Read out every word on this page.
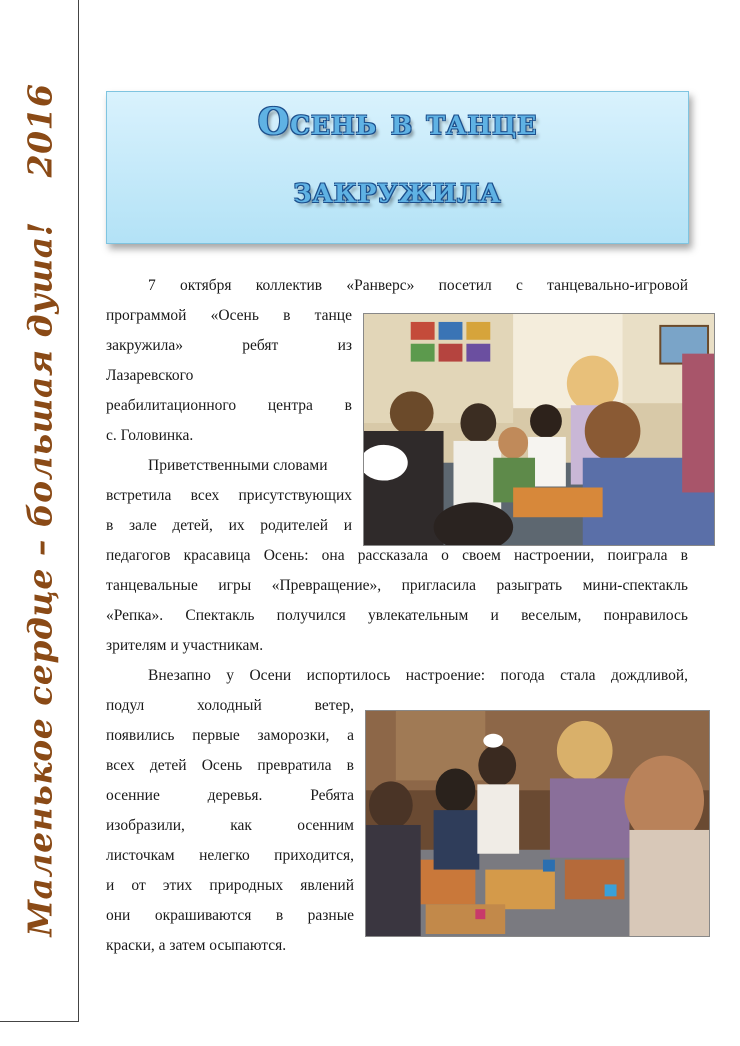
Маленькое сердце – большая душа!2016	Осень в танце
закружила
7 октября коллектив «Ранверс» посетил с танцевально-игровой
программой «Осень в танце
закружила» ребят из
Лазаревского
реабилитационного центра в
с. Головинка.
Приветственными словами
встретила всех присутствующих
в зале детей, их родителей и
педагогов красавица Осень: она рассказала о своем настроении, поиграла в
танцевальные игры «Превращение», пригласила разыграть мини-спектакль
«Репка». Спектакль получился увлекательным и веселым, понравилось
зрителям и участникам.
Внезапно у Осени испортилось настроение: погода стала дождливой,
подул холодный ветер,
появились первые заморозки, а
всех детей Осень превратила в
осенние деревья. Ребята
изобразили, как осенним
листочкам нелегко приходится,
и от этих природных явлений
они окрашиваются в разные
краски, а затем осыпаются.
